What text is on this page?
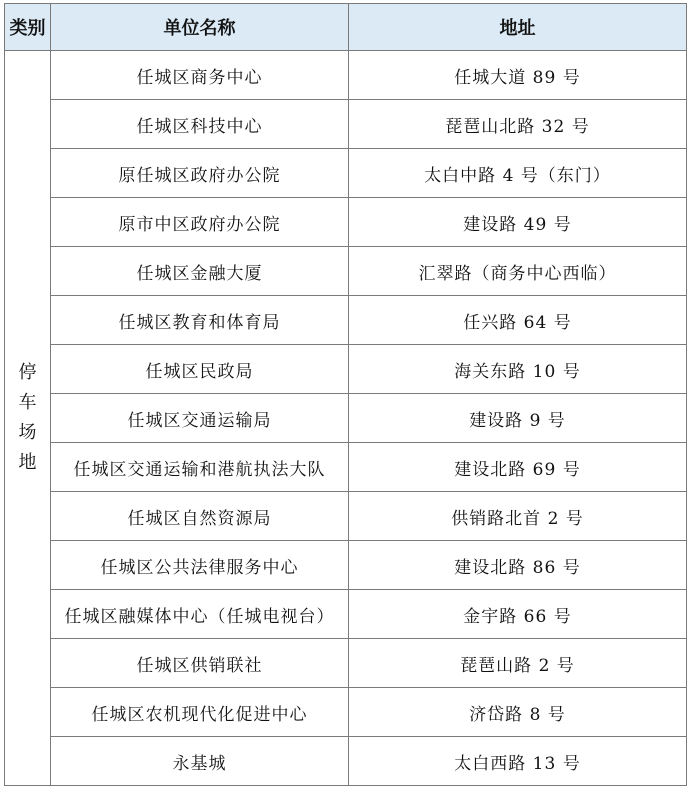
类别	单位名称	地址
停车场地	任城区商务中心	任城大道 89 号
	任城区科技中心	琵琶山北路 32 号
	原任城区政府办公院	太白中路 4 号（东门）
	原市中区政府办公院	建设路 49 号
	任城区金融大厦	汇翠路（商务中心西临）
	任城区教育和体育局	任兴路 64 号
	任城区民政局	海关东路 10 号
	任城区交通运输局	建设路 9 号
	任城区交通运输和港航执法大队	建设北路 69 号
	任城区自然资源局	供销路北首 2 号
	任城区公共法律服务中心	建设北路 86 号
	任城区融媒体中心（任城电视台）	金宇路 66 号
	任城区供销联社	琵琶山路 2 号
	任城区农机现代化促进中心	济岱路 8 号
	永基城	太白西路 13 号
